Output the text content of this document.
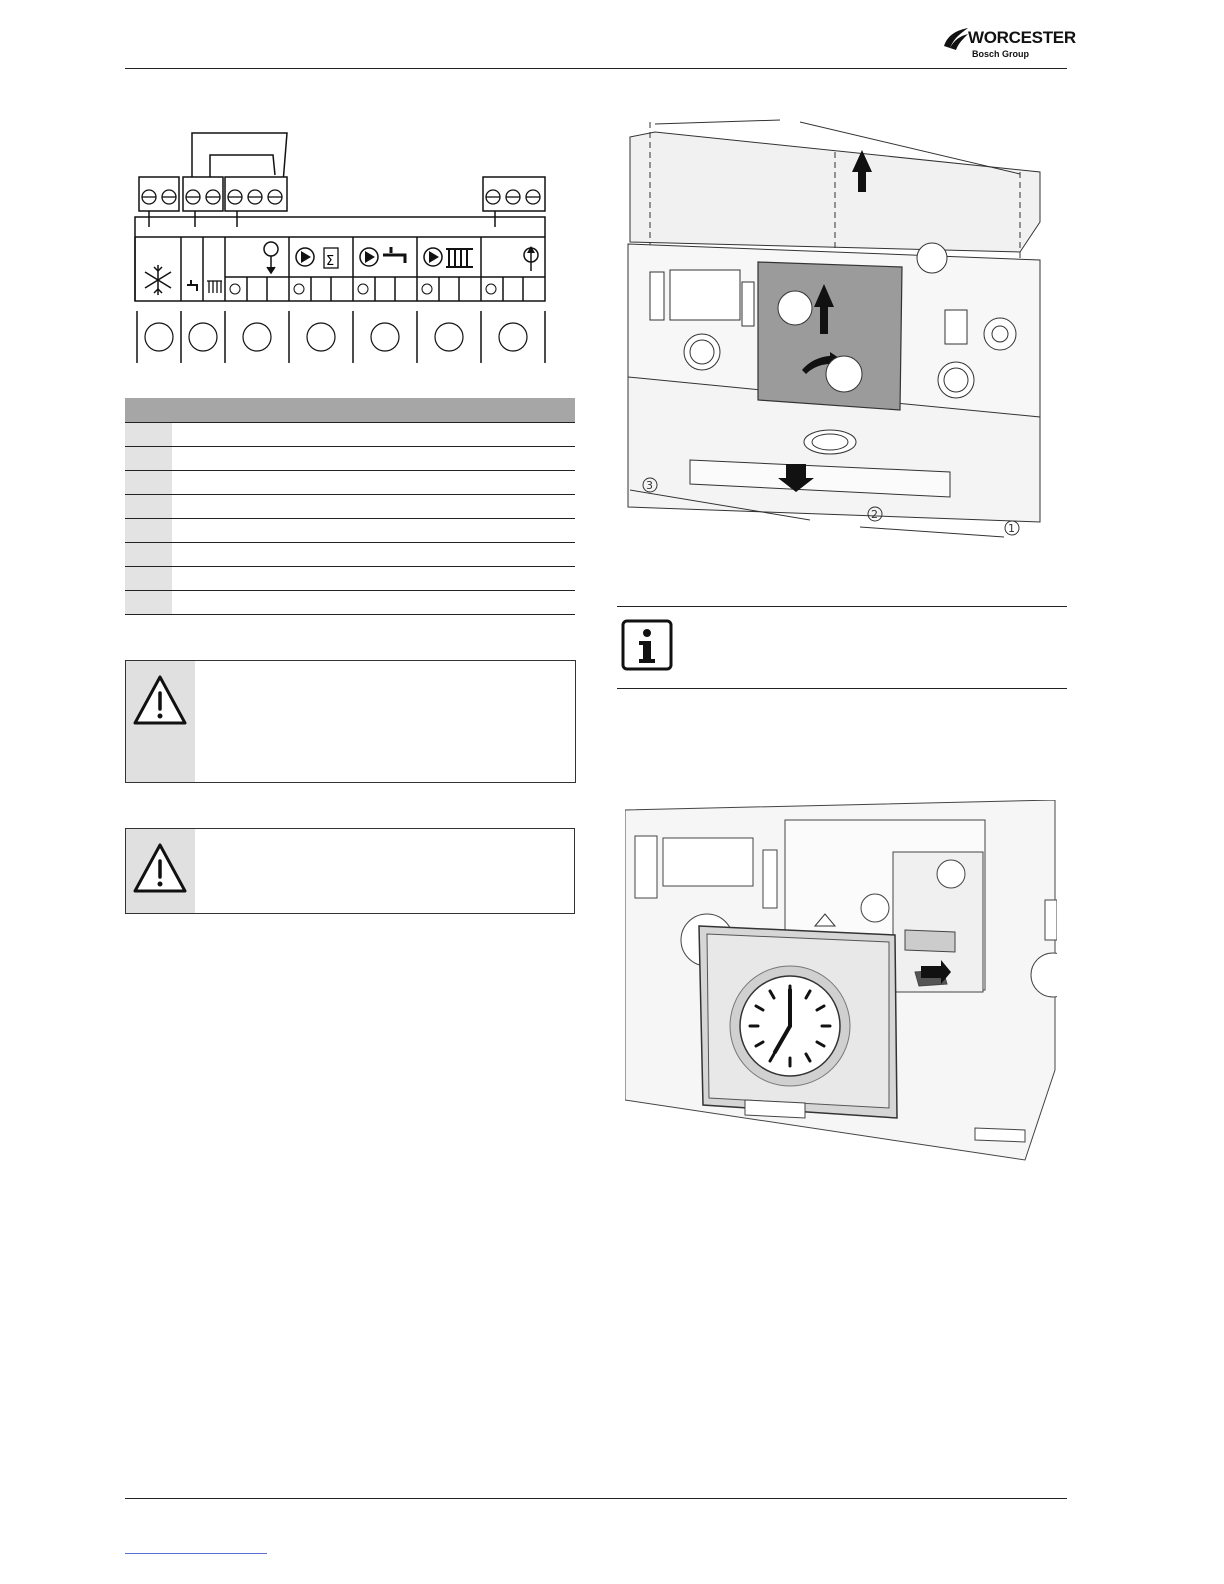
WORCESTER
Bosch Group
Σ
3
2
1
